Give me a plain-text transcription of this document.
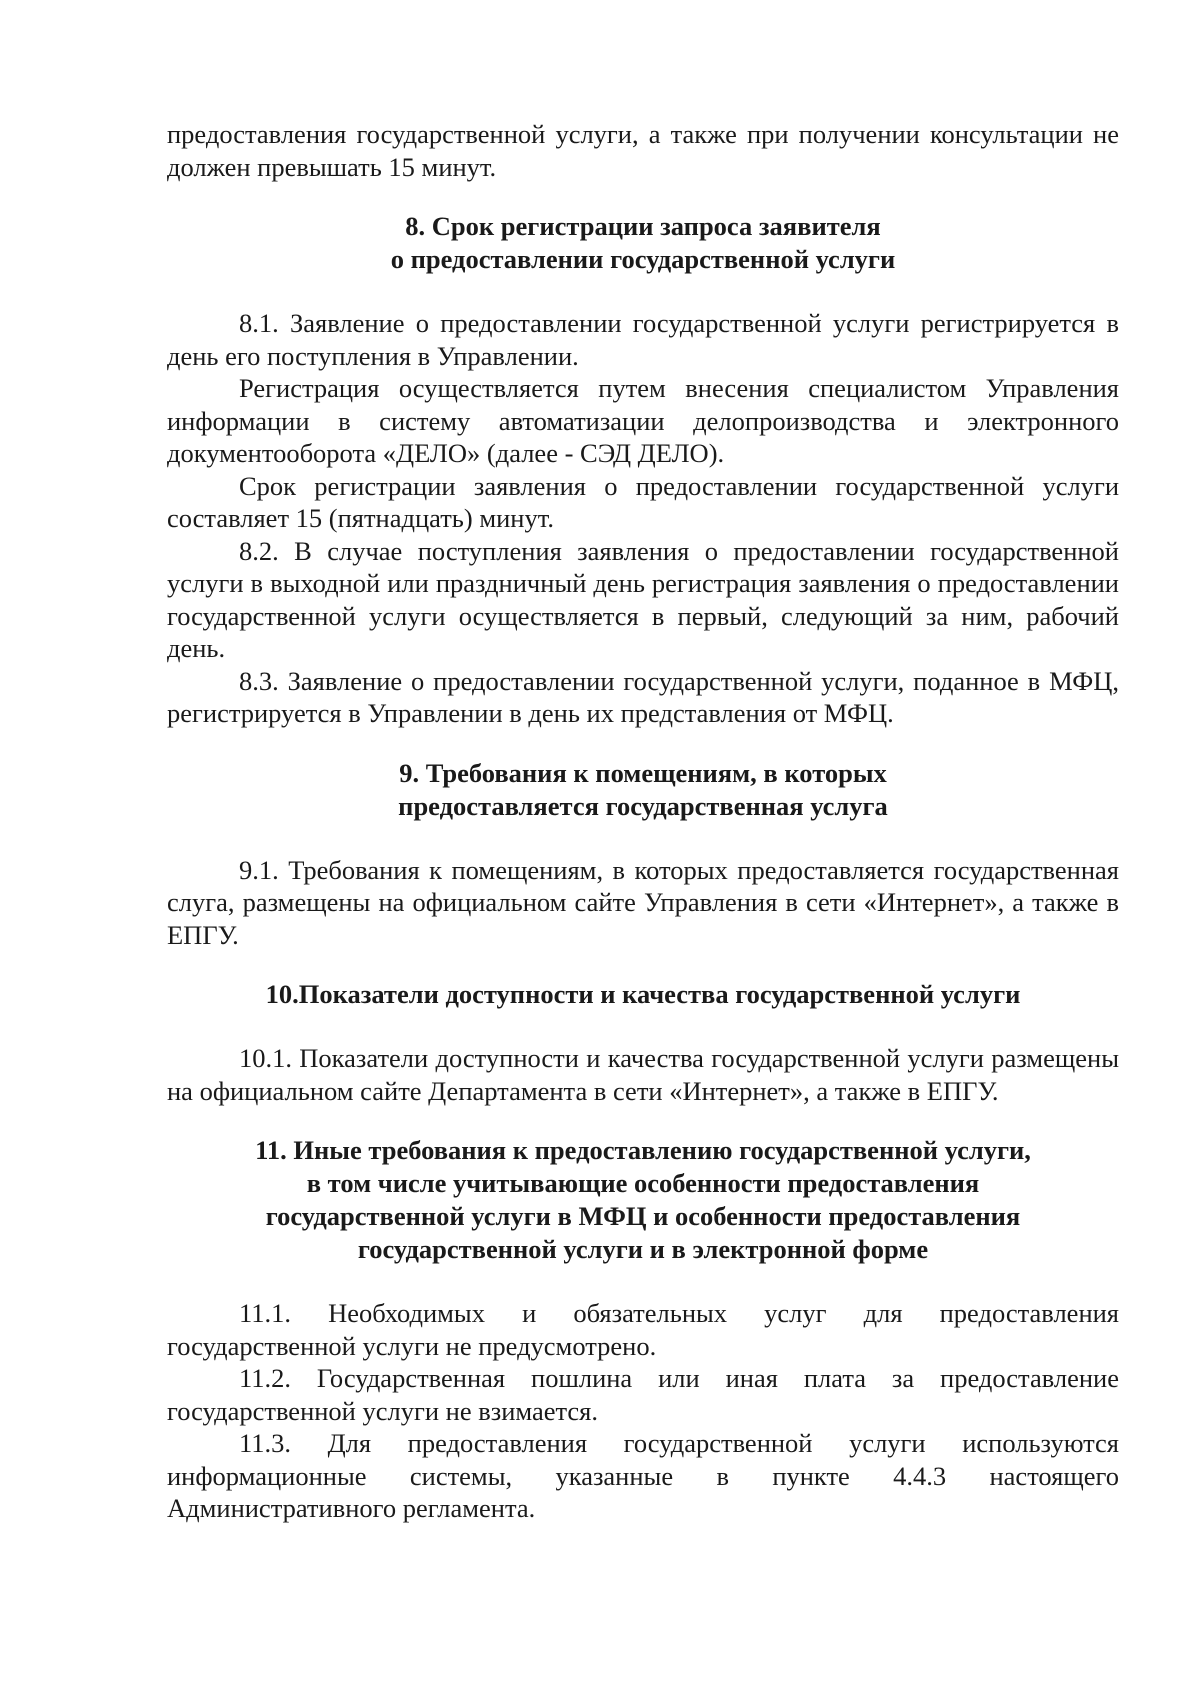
предоставления государственной услуги, а также при получении консультации не должен превышать 15 минут.

8. Срок регистрации запроса заявителя
о предоставлении государственной услуги

8.1. Заявление о предоставлении государственной услуги регистрируется в день его поступления в Управлении.

Регистрация осуществляется путем внесения специалистом Управления информации в систему автоматизации делопроизводства и электронного документооборота «ДЕЛО» (далее - СЭД ДЕЛО).

Срок регистрации заявления о предоставлении государственной услуги составляет 15 (пятнадцать) минут.

8.2. В случае поступления заявления о предоставлении государственной услуги в выходной или праздничный день регистрация заявления о предоставлении государственной услуги осуществляется в первый, следующий за ним, рабочий день.

8.3. Заявление о предоставлении государственной услуги, поданное в МФЦ, регистрируется в Управлении в день их представления от МФЦ.

9. Требования к помещениям, в которых
предоставляется государственная услуга

9.1. Требования к помещениям, в которых предоставляется государственная слуга, размещены на официальном сайте Управления в сети «Интернет», а также в ЕПГУ.

10.Показатели доступности и качества государственной услуги

10.1. Показатели доступности и качества государственной услуги размещены на официальном сайте Департамента в сети «Интернет», а также в ЕПГУ.

11. Иные требования к предоставлению государственной услуги,
в том числе учитывающие особенности предоставления
государственной услуги в МФЦ и особенности предоставления
государственной услуги и в электронной форме

11.1. Необходимых и обязательных услуг для предоставления государственной услуги не предусмотрено.

11.2. Государственная пошлина или иная плата за предоставление государственной услуги не взимается.

11.3. Для предоставления государственной услуги используются информационные системы, указанные в пункте 4.4.3 настоящего Административного регламента.
